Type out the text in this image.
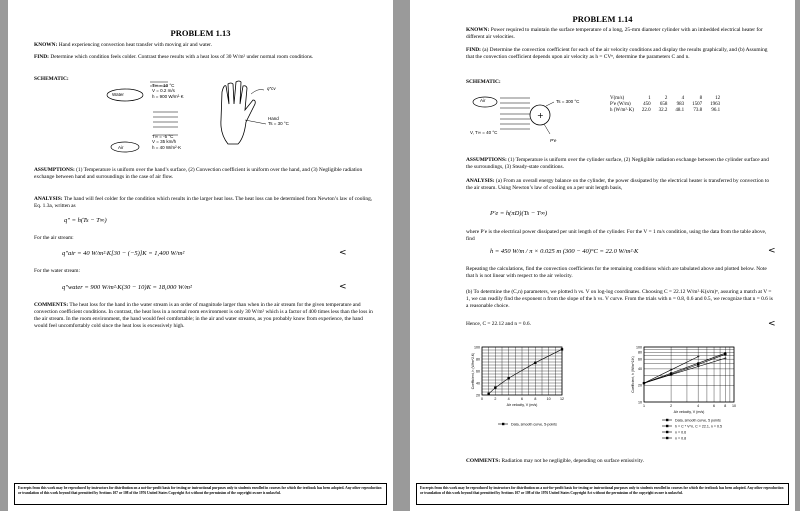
PROBLEM 1.13
KNOWN: Hand experiencing convection heat transfer with moving air and water.
FIND: Determine which condition feels colder. Contrast these results with a heat loss of 30 W/m² under normal room conditions.
SCHEMATIC:
Water
T∞ = 10 °C
V = 0.2 m/s
h = 900 W/m²·K
q″cv
Hand
Ts = 30 °C
Air
T∞ = -5 °C
V = 35 km/h
h = 40 W/m²·K
ASSUMPTIONS: (1) Temperature is uniform over the hand’s surface, (2) Convection coefficient is uniform over the hand, and (3) Negligible radiation exchange between hand and surroundings in the case of air flow.
ANALYSIS: The hand will feel colder for the condition which results in the larger heat loss. The heat loss can be determined from Newton’s law of cooling, Eq. 1.3a, written as
q″ = h(Ts − T∞)
For the air stream:
q″air = 40 W/m²·K[30 − (−5)]K = 1,400 W/m²	<
For the water stream:
q″water = 900 W/m²·K(30 − 10)K = 18,000 W/m²	<
COMMENTS: The heat loss for the hand in the water stream is an order of magnitude larger than when in the air stream for the given temperature and convection coefficient conditions. In contrast, the heat loss in a normal room environment is only 30 W/m² which is a factor of 400 times less than the loss in the air stream. In the room environment, the hand would feel comfortable; in the air and water streams, as you probably know from experience, the hand would feel uncomfortably cold since the heat loss is excessively high.
Excerpts from this work may be reproduced by instructors for distribution on a not-for-profit basis for testing or instructional purposes only to students enrolled in courses for which the textbook has been adopted. Any other reproduction or translation of this work beyond that permitted by Sections 107 or 108 of the 1976 United States Copyright Act without the permission of the copyright owner is unlawful.
PROBLEM 1.14
KNOWN: Power required to maintain the surface temperature of a long, 25-mm diameter cylinder with an imbedded electrical heater for different air velocities.
FIND: (a) Determine the convection coefficient for each of the air velocity conditions and display the results graphically, and (b) Assuming that the convection coefficient depends upon air velocity as h = CVⁿ, determine the parameters C and n.
SCHEMATIC:
+
Air	Ts = 300 °C
V, T∞ = 40 °C
P′e
V(m/s)	1	2	4	8	12
P′e (W/m)	450	658	983	1507	1963
h (W/m²·K)	22.0	32.2	48.1	73.8	96.1
ASSUMPTIONS: (1) Temperature is uniform over the cylinder surface, (2) Negligible radiation exchange between the cylinder surface and the surroundings, (3) Steady-state conditions.
ANALYSIS: (a) From an overall energy balance on the cylinder, the power dissipated by the electrical heater is transferred by convection to the air stream. Using Newton’s law of cooling on a per unit length basis,
P′e = h(πD)(Ts − T∞)
where P′e is the electrical power dissipated per unit length of the cylinder. For the V = 1 m/s condition, using the data from the table above, find
h = 450 W/m / π × 0.025 m (300 − 40)°C = 22.0 W/m²·K	<
Repeating the calculations, find the convection coefficients for the remaining conditions which are tabulated above and plotted below. Note that h is not linear with respect to the air velocity.
(b) To determine the (C,n) parameters, we plotted h vs. V on log-log coordinates. Choosing C = 22.12 W/m²·K(s/m)ⁿ, assuring a match at V = 1, we can readily find the exponent n from the slope of the h vs. V curve. From the trials with n = 0.8, 0.6 and 0.5, we recognize that n = 0.6 is a reasonable choice.
Hence, C = 22.12 and n = 0.6.	<
0	2	4	6	8	10	12
20
40
60
80
100
Air velocity, V (m/s)
Coefficient, h (W/m^2.K)
Data, smooth curve, 5-points
1	2	4	6	8 10
10
20
40
60
80
100
Air velocity, V (m/s)
Coefficient, h (W/m^2.K)
Data, smooth curve, 5 points
h = C * V^n, C = 22.1, n = 0.5
n = 0.6
n = 0.8
COMMENTS: Radiation may not be negligible, depending on surface emissivity.
Excerpts from this work may be reproduced by instructors for distribution on a not-for-profit basis for testing or instructional purposes only to students enrolled in courses for which the textbook has been adopted. Any other reproduction or translation of this work beyond that permitted by Sections 107 or 108 of the 1976 United States Copyright Act without the permission of the copyright owner is unlawful.
